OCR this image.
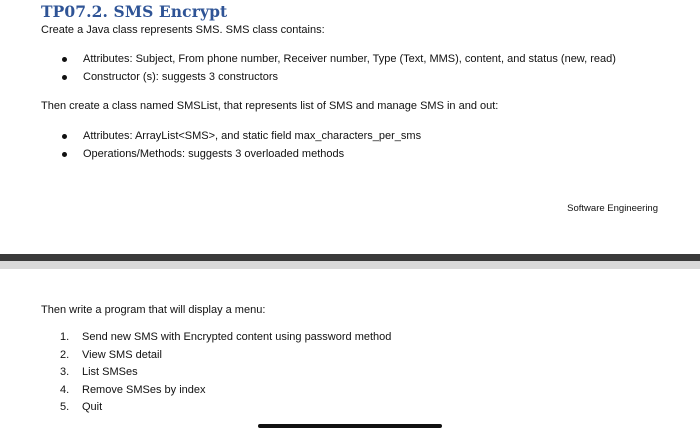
TP07.2. SMS Encrypt
Create a Java class represents SMS. SMS class contains:
Attributes: Subject, From phone number, Receiver number, Type (Text, MMS), content, and status (new, read)
Constructor (s): suggests 3 constructors
Then create a class named SMSList, that represents list of SMS and manage SMS in and out:
Attributes: ArrayList<SMS>, and static field max_characters_per_sms
Operations/Methods: suggests 3 overloaded methods
Software Engineering
Then write a program that will display a menu:
1. Send new SMS with Encrypted content using password method
2. View SMS detail
3. List SMSes
4. Remove SMSes by index
5. Quit
